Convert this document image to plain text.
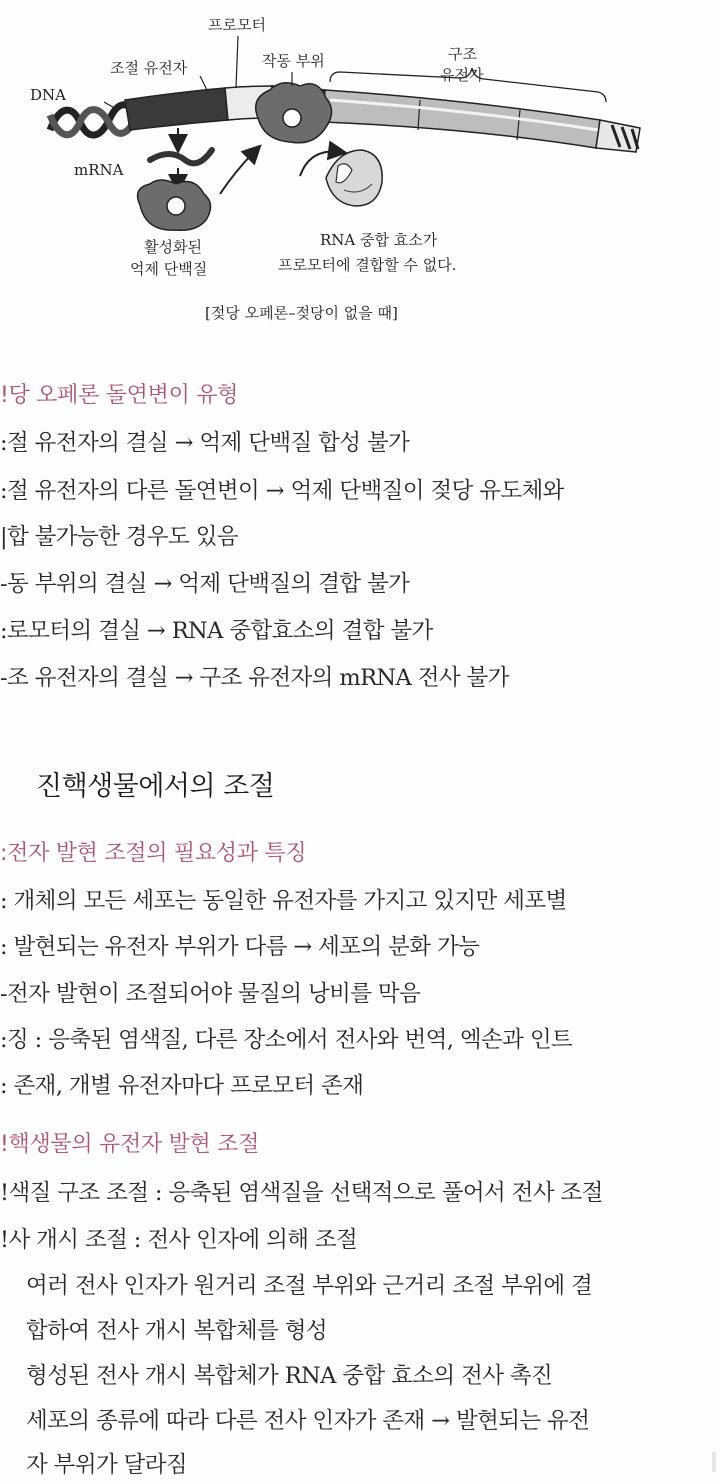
프로모터
조절 유전자	작동 부위	구조
유전자
DNA
mRNA
활성화된
억제 단백질
RNA 중합 효소가
프로모터에 결합할 수 없다.
[젖당 오페론–젖당이 없을 때]
!당 오페론 돌연변이 유형
:절 유전자의 결실 → 억제 단백질 합성 불가
:절 유전자의 다른 돌연변이 → 억제 단백질이 젖당 유도체와
|합 불가능한 경우도 있음
-동 부위의 결실 → 억제 단백질의 결합 불가
:로모터의 결실 → RNA 중합효소의 결합 불가
-조 유전자의 결실 → 구조 유전자의 mRNA 전사 불가
진핵생물에서의 조절
:전자 발현 조절의 필요성과 특징
: 개체의 모든 세포는 동일한 유전자를 가지고 있지만 세포별
: 발현되는 유전자 부위가 다름 → 세포의 분화 가능
-전자 발현이 조절되어야 물질의 낭비를 막음
:징 : 응축된 염색질, 다른 장소에서 전사와 번역, 엑손과 인트
: 존재, 개별 유전자마다 프로모터 존재
!핵생물의 유전자 발현 조절
!색질 구조 조절 : 응축된 염색질을 선택적으로 풀어서 전사 조절
!사 개시 조절 : 전사 인자에 의해 조절
여러 전사 인자가 원거리 조절 부위와 근거리 조절 부위에 결
합하여 전사 개시 복합체를 형성
형성된 전사 개시 복합체가 RNA 중합 효소의 전사 촉진
세포의 종류에 따라 다른 전사 인자가 존재 → 발현되는 유전
자 부위가 달라짐
